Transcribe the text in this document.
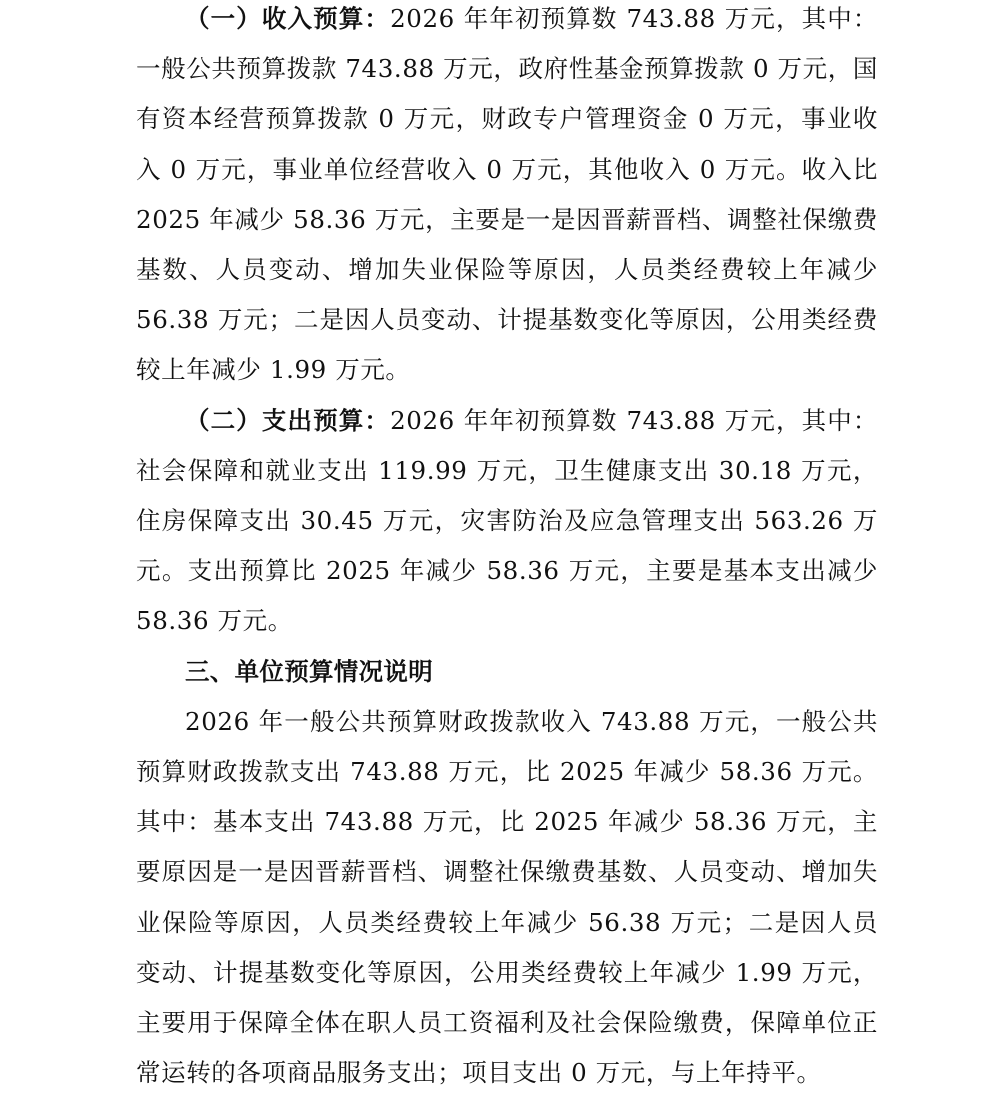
（一）收入预算：2026 年年初预算数 743.88 万元，其中：一般公共预算拨款 743.88 万元，政府性基金预算拨款 0 万元，国有资本经营预算拨款 0 万元，财政专户管理资金 0 万元，事业收入 0 万元，事业单位经营收入 0 万元，其他收入 0 万元。收入比 2025 年减少 58.36 万元，主要是一是因晋薪晋档、调整社保缴费基数、人员变动、增加失业保险等原因，人员类经费较上年减少 56.38 万元；二是因人员变动、计提基数变化等原因，公用类经费较上年减少 1.99 万元。

（二）支出预算：2026 年年初预算数 743.88 万元，其中：社会保障和就业支出 119.99 万元，卫生健康支出 30.18 万元，住房保障支出 30.45 万元，灾害防治及应急管理支出 563.26 万元。支出预算比 2025 年减少 58.36 万元，主要是基本支出减少 58.36 万元。

三、单位预算情况说明

2026 年一般公共预算财政拨款收入 743.88 万元，一般公共预算财政拨款支出 743.88 万元，比 2025 年减少 58.36 万元。其中：基本支出 743.88 万元，比 2025 年减少 58.36 万元，主要原因是一是因晋薪晋档、调整社保缴费基数、人员变动、增加失业保险等原因，人员类经费较上年减少 56.38 万元；二是因人员变动、计提基数变化等原因，公用类经费较上年减少 1.99 万元，主要用于保障全体在职人员工资福利及社会保险缴费，保障单位正常运转的各项商品服务支出；项目支出 0 万元，与上年持平。
